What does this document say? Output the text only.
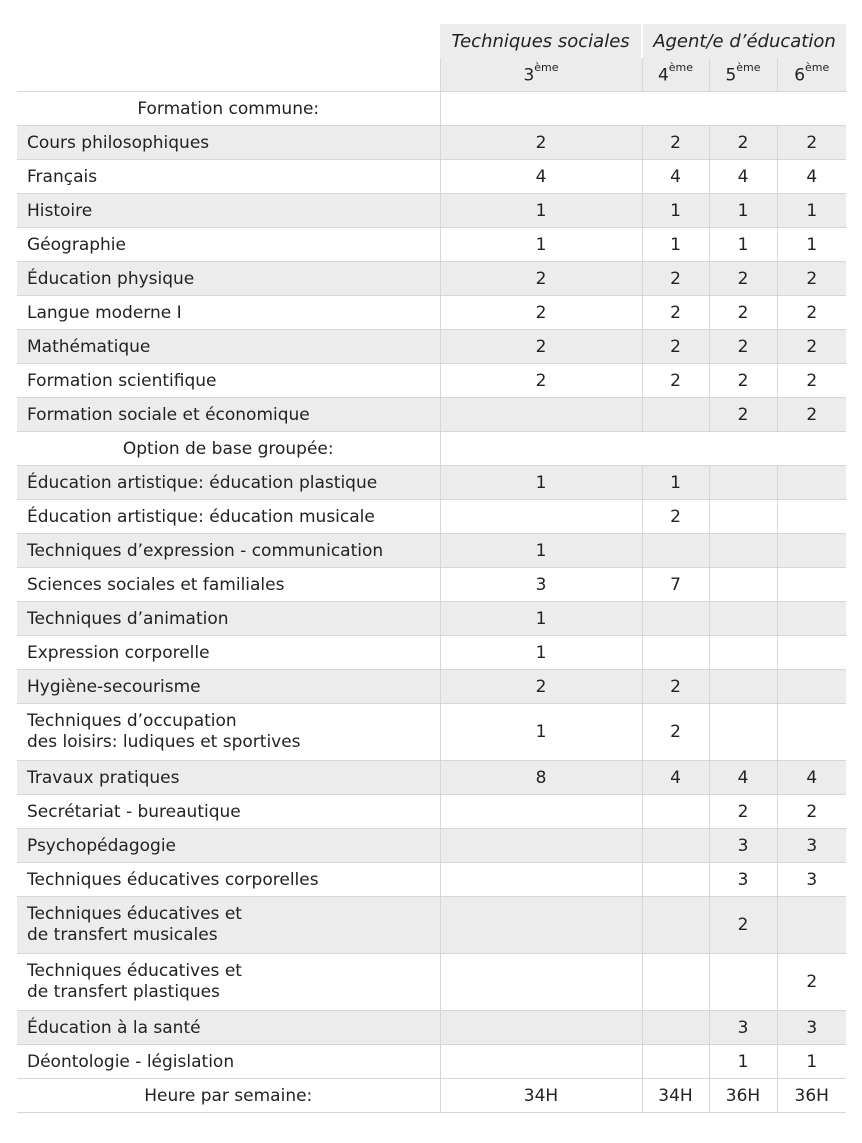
	Techniques sociales	Agent/e d’éducation		
	3ème	4ème	5ème	6ème
Formation commune:				

Cours philosophiques	2	2	2	2

Français	4	4	4	4

Histoire	1	1	1	1

Géographie	1	1	1	1

Éducation physique	2	2	2	2

Langue moderne I	2	2	2	2

Mathématique	2	2	2	2

Formation scientifique	2	2	2	2

Formation sociale et économique			2	2
Option de base groupée:				

Éducation artistique: éducation plastique	1	1		

Éducation artistique: éducation musicale		2		

Techniques d’expression - communication	1			

Sciences sociales et familiales	3	7		

Techniques d’animation	1			

Expression corporelle	1			

Hygiène-secourisme	2	2		

Techniques d’occupation
des loisirs: ludiques et sportives	1	2		

Travaux pratiques	8	4	4	4

Secrétariat - bureautique			2	2

Psychopédagogie			3	3

Techniques éducatives corporelles			3	3

Techniques éducatives et
de transfert musicales			2	

Techniques éducatives et
de transfert plastiques				2

Éducation à la santé			3	3

Déontologie - législation			1	1
Heure par semaine:	34H	34H	36H	36H
